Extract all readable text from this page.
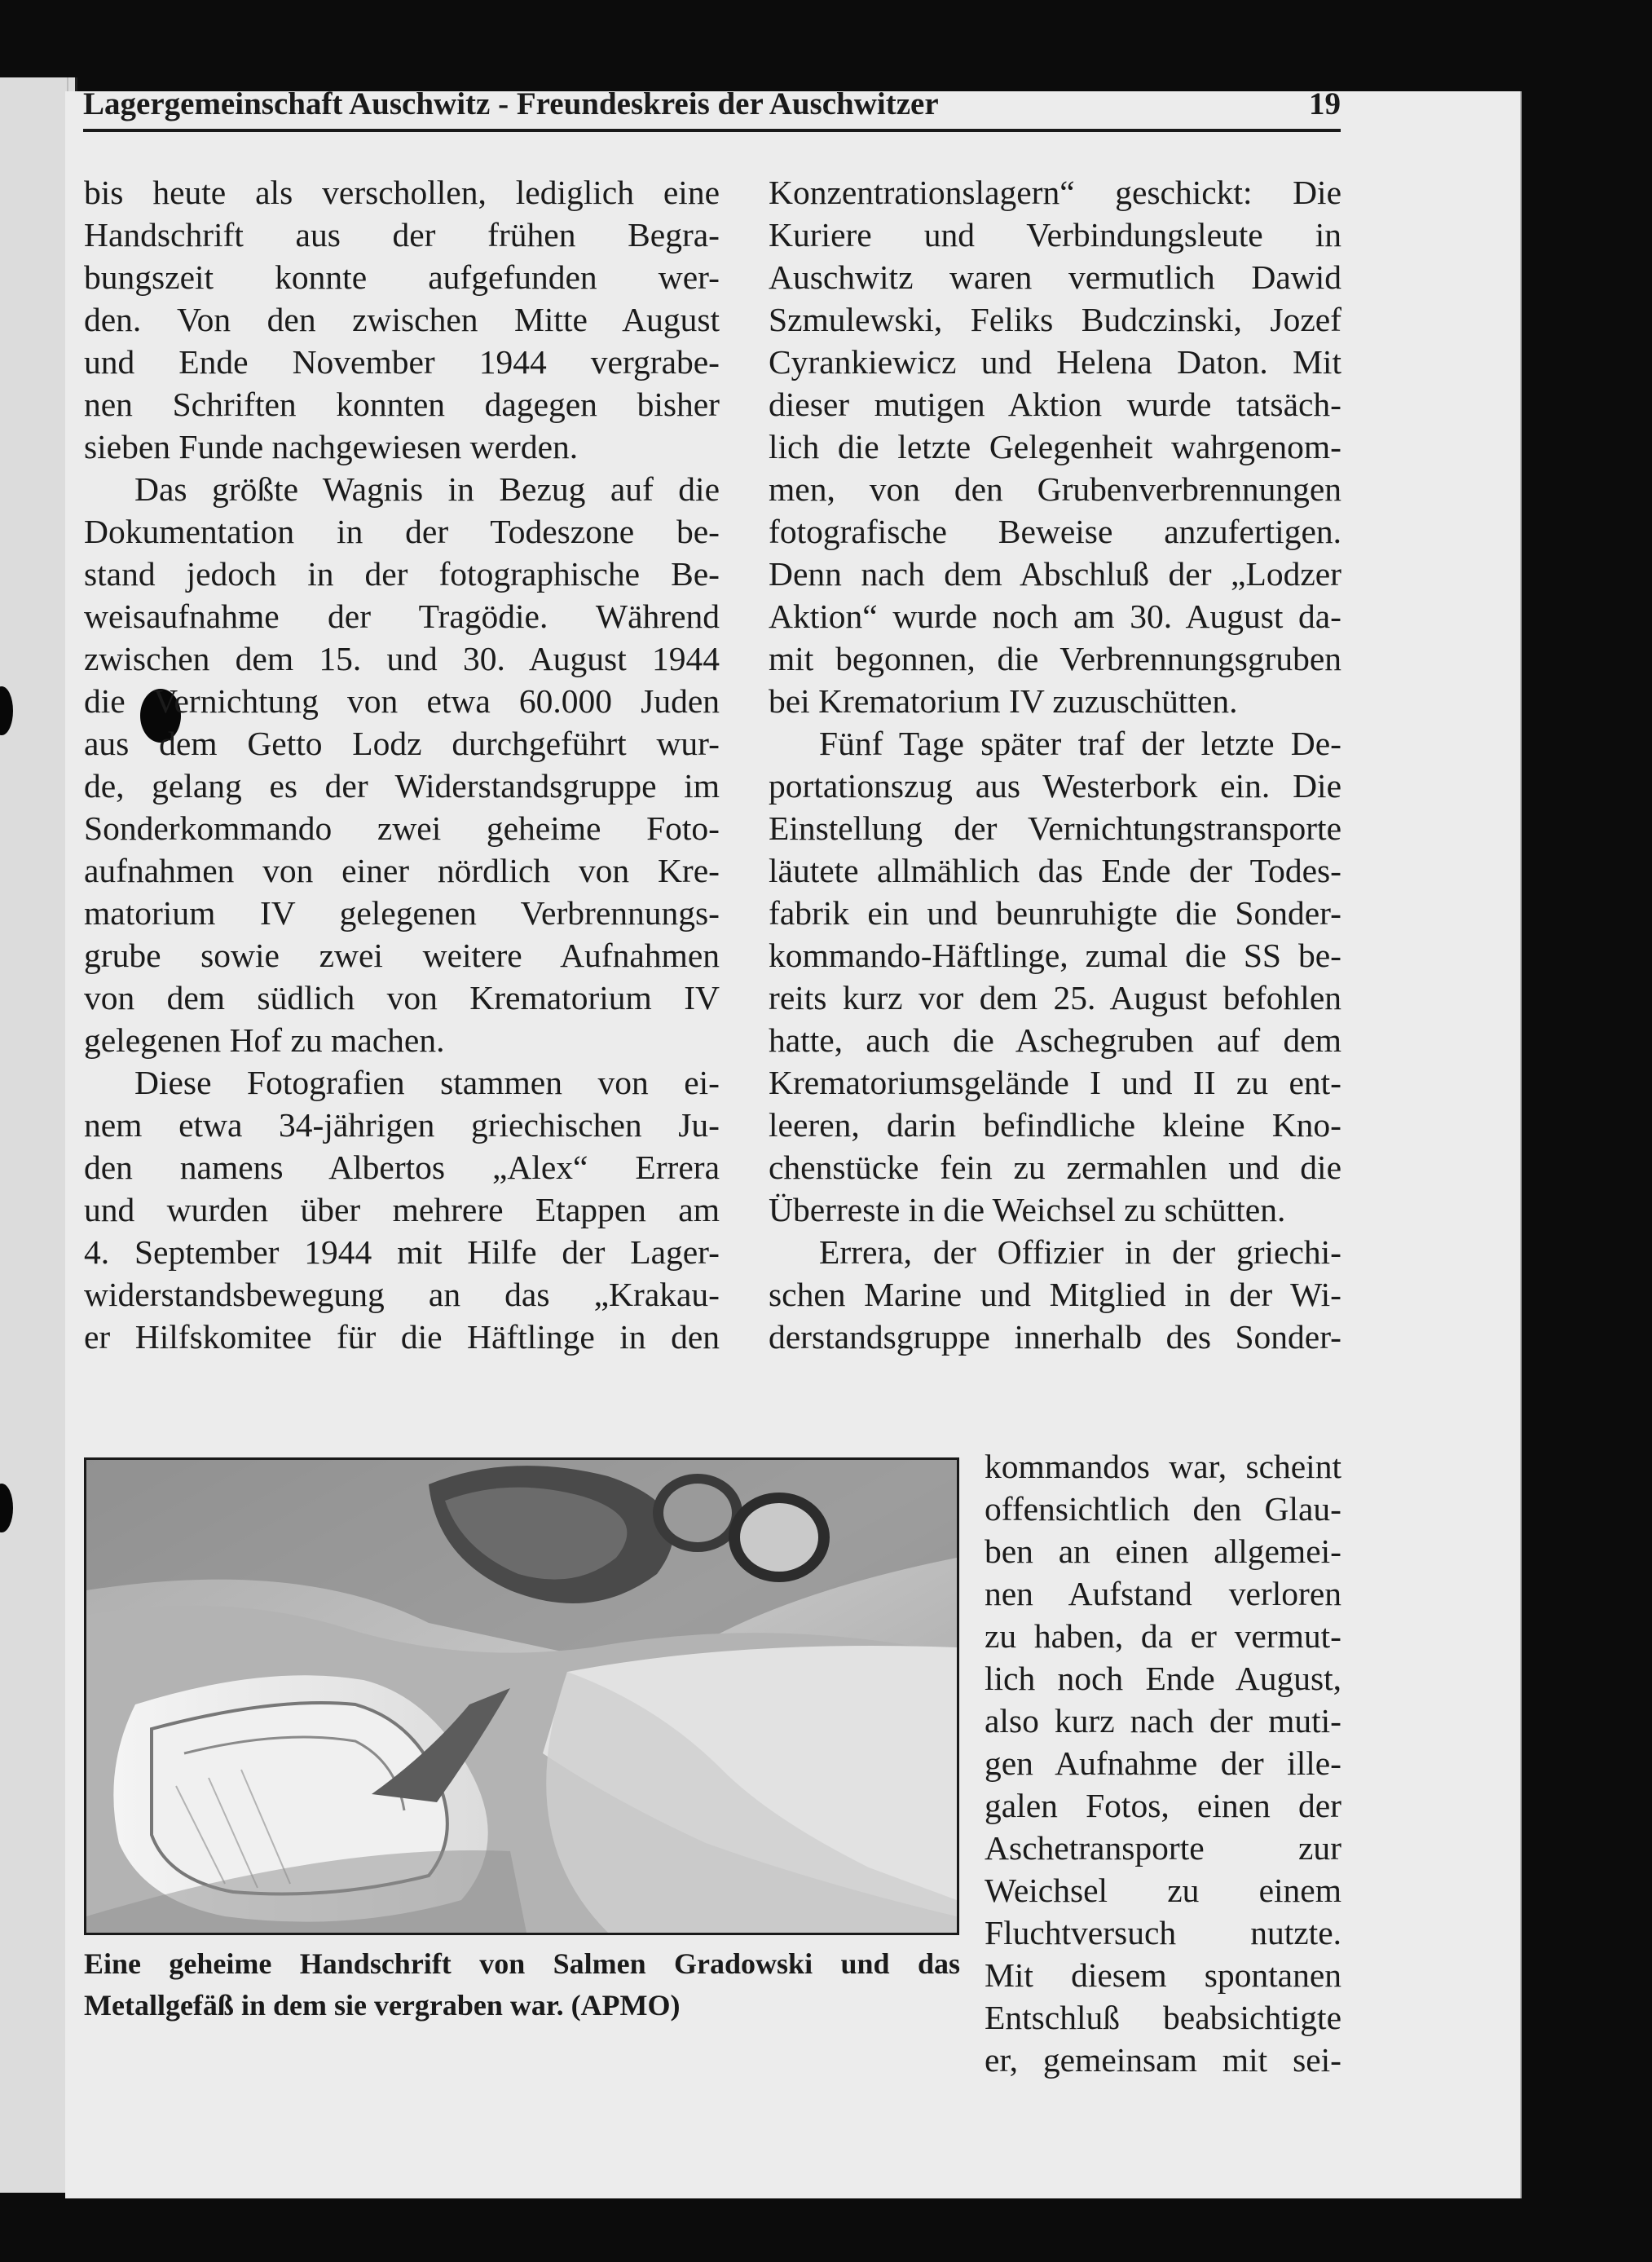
Lagergemeinschaft Auschwitz - Freundeskreis der Auschwitzer	19
bis heute als verschollen, lediglich eine
Handschrift aus der frühen Begra-
bungszeit konnte aufgefunden wer-
den. Von den zwischen Mitte August
und Ende November 1944 vergrabe-
nen Schriften konnten dagegen bisher
sieben Funde nachgewiesen werden.
Das größte Wagnis in Bezug auf die
Dokumentation in der Todeszone be-
stand jedoch in der fotographische Be-
weisaufnahme der Tragödie. Während
zwischen dem 15. und 30. August 1944
die Vernichtung von etwa 60.000 Juden
aus dem Getto Lodz durchgeführt wur-
de, gelang es der Widerstandsgruppe im
Sonderkommando zwei geheime Foto-
aufnahmen von einer nördlich von Kre-
matorium IV gelegenen Verbrennungs-
grube sowie zwei weitere Aufnahmen
von dem südlich von Krematorium IV
gelegenen Hof zu machen.
Diese Fotografien stammen von ei-
nem etwa 34-jährigen griechischen Ju-
den namens Albertos „Alex“ Errera
und wurden über mehrere Etappen am
4. September 1944 mit Hilfe der Lager-
widerstandsbewegung an das „Krakau-
er Hilfskomitee für die Häftlinge in den
Konzentrationslagern“ geschickt: Die
Kuriere und Verbindungsleute in
Auschwitz waren vermutlich Dawid
Szmulewski, Feliks Budczinski, Jozef
Cyrankiewicz und Helena Daton. Mit
dieser mutigen Aktion wurde tatsäch-
lich die letzte Gelegenheit wahrgenom-
men, von den Grubenverbrennungen
fotografische Beweise anzufertigen.
Denn nach dem Abschluß der „Lodzer
Aktion“ wurde noch am 30. August da-
mit begonnen, die Verbrennungsgruben
bei Krematorium IV zuzuschütten.
Fünf Tage später traf der letzte De-
portationszug aus Westerbork ein. Die
Einstellung der Vernichtungstransporte
läutete allmählich das Ende der Todes-
fabrik ein und beunruhigte die Sonder-
kommando-Häftlinge, zumal die SS be-
reits kurz vor dem 25. August befohlen
hatte, auch die Aschegruben auf dem
Krematoriumsgelände I und II zu ent-
leeren, darin befindliche kleine Kno-
chenstücke fein zu zermahlen und die
Überreste in die Weichsel zu schütten.
Errera, der Offizier in der griechi-
schen Marine und Mitglied in der Wi-
derstandsgruppe innerhalb des Sonder-
kommandos war, scheint
offensichtlich den Glau-
ben an einen allgemei-
nen Aufstand verloren
zu haben, da er vermut-
lich noch Ende August,
also kurz nach der muti-
gen Aufnahme der ille-
galen Fotos, einen der
Aschetransporte zur
Weichsel zu einem
Fluchtversuch nutzte.
Mit diesem spontanen
Entschluß beabsichtigte
er, gemeinsam mit sei-
Eine geheime Handschrift von Salmen Gradowski und das
Metallgefäß in dem sie vergraben war. (APMO)
